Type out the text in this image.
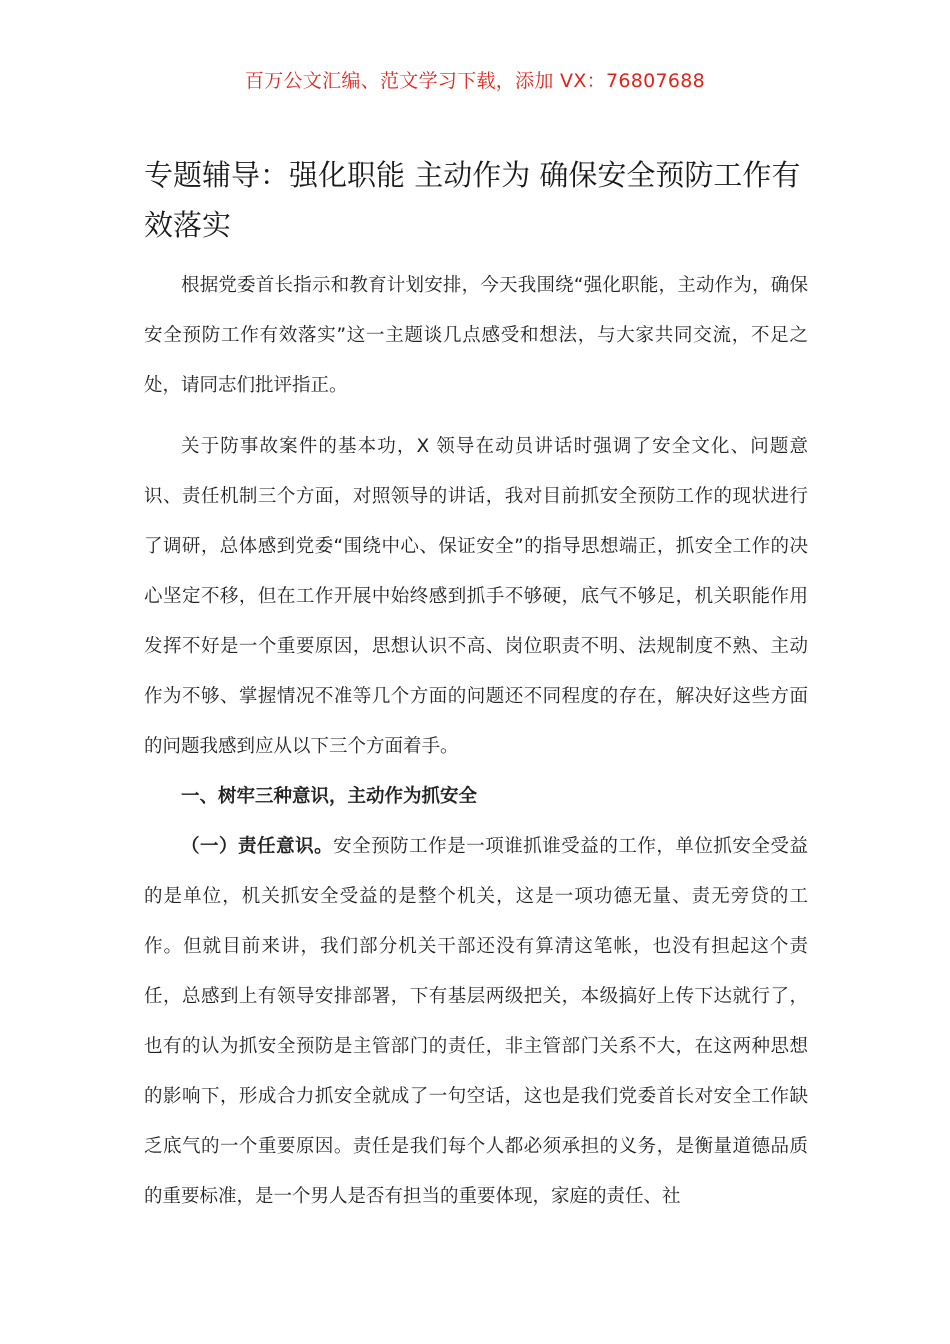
百万公文汇编、范文学习下载，添加 VX：76807688
专题辅导：强化职能 主动作为 确保安全预防工作有效落实

根据党委首长指示和教育计划安排，今天我围绕“强化职能，主动作为，确保安全预防工作有效落实”这一主题谈几点感受和想法，与大家共同交流，不足之处，请同志们批评指正。

关于防事故案件的基本功，X 领导在动员讲话时强调了安全文化、问题意识、责任机制三个方面，对照领导的讲话，我对目前抓安全预防工作的现状进行了调研，总体感到党委“围绕中心、保证安全”的指导思想端正，抓安全工作的决心坚定不移，但在工作开展中始终感到抓手不够硬，底气不够足，机关职能作用发挥不好是一个重要原因，思想认识不高、岗位职责不明、法规制度不熟、主动作为不够、掌握情况不准等几个方面的问题还不同程度的存在，解决好这些方面的问题我感到应从以下三个方面着手。

一、树牢三种意识，主动作为抓安全

（一）责任意识。安全预防工作是一项谁抓谁受益的工作，单位抓安全受益的是单位，机关抓安全受益的是整个机关，这是一项功德无量、责无旁贷的工作。但就目前来讲，我们部分机关干部还没有算清这笔帐，也没有担起这个责任，总感到上有领导安排部署，下有基层两级把关，本级搞好上传下达就行了，也有的认为抓安全预防是主管部门的责任，非主管部门关系不大，在这两种思想的影响下，形成合力抓安全就成了一句空话，这也是我们党委首长对安全工作缺乏底气的一个重要原因。责任是我们每个人都必须承担的义务，是衡量道德品质的重要标准，是一个男人是否有担当的重要体现，家庭的责任、社
